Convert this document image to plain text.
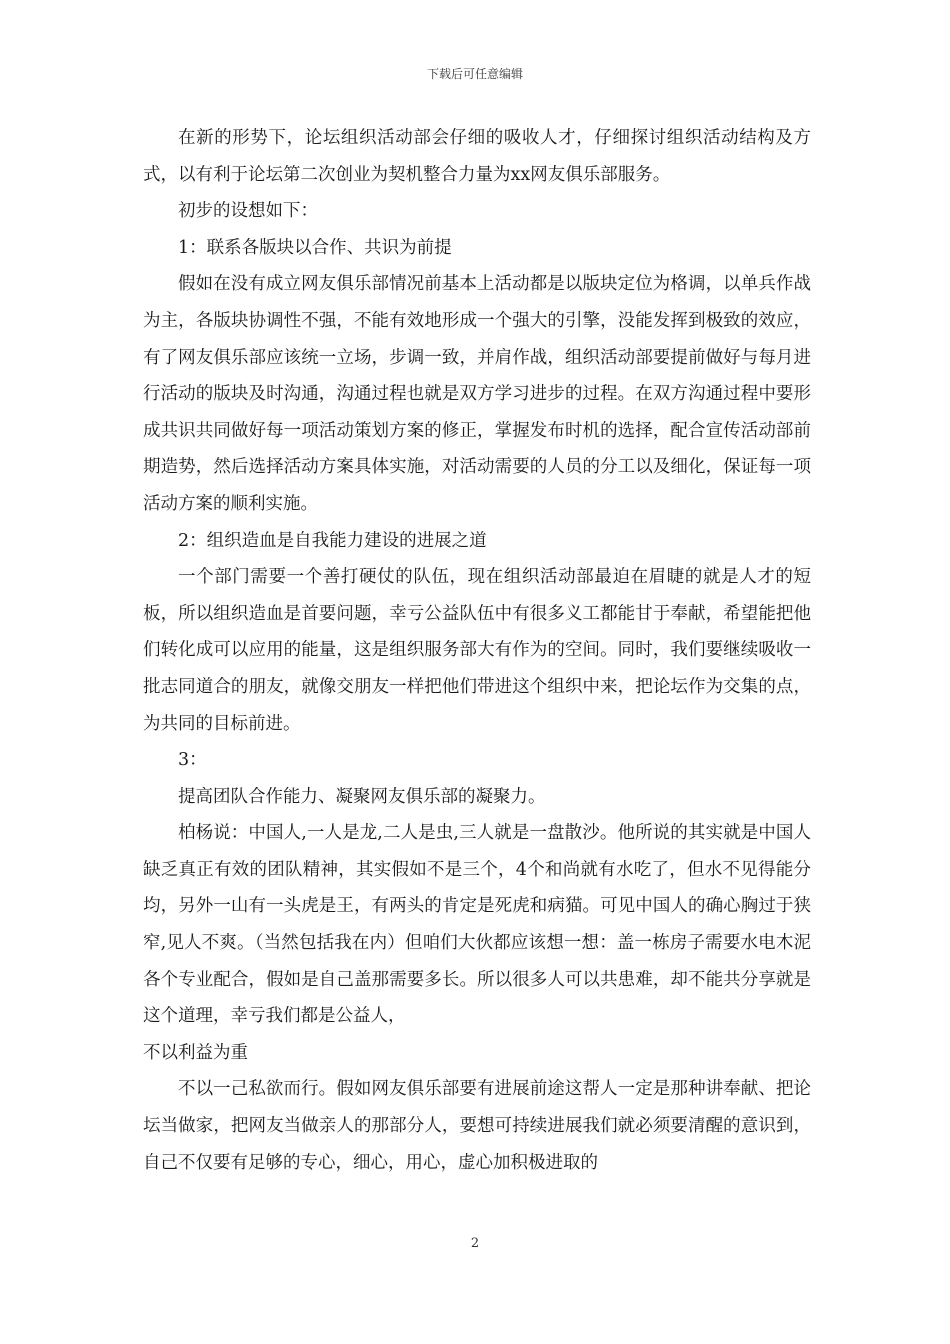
下载后可任意编辑

在新的形势下，论坛组织活动部会仔细的吸收人才，仔细探讨组织活动结构及方式，以有利于论坛第二次创业为契机整合力量为xx网友俱乐部服务。

初步的设想如下：

1：联系各版块以合作、共识为前提

假如在没有成立网友俱乐部情况前基本上活动都是以版块定位为格调，以单兵作战为主，各版块协调性不强，不能有效地形成一个强大的引擎，没能发挥到极致的效应，有了网友俱乐部应该统一立场，步调一致，并肩作战，组织活动部要提前做好与每月进行活动的版块及时沟通，沟通过程也就是双方学习进步的过程。在双方沟通过程中要形成共识共同做好每一项活动策划方案的修正，掌握发布时机的选择，配合宣传活动部前期造势，然后选择活动方案具体实施，对活动需要的人员的分工以及细化，保证每一项活动方案的顺利实施。

2：组织造血是自我能力建设的进展之道

一个部门需要一个善打硬仗的队伍，现在组织活动部最迫在眉睫的就是人才的短板，所以组织造血是首要问题，幸亏公益队伍中有很多义工都能甘于奉献，希望能把他们转化成可以应用的能量，这是组织服务部大有作为的空间。同时，我们要继续吸收一批志同道合的朋友，就像交朋友一样把他们带进这个组织中来，把论坛作为交集的点，为共同的目标前进。

3：

提高团队合作能力、凝聚网友俱乐部的凝聚力。

柏杨说：中国人,一人是龙,二人是虫,三人就是一盘散沙。他所说的其实就是中国人缺乏真正有效的团队精神，其实假如不是三个，4个和尚就有水吃了，但水不见得能分均，另外一山有一头虎是王，有两头的肯定是死虎和病猫。可见中国人的确心胸过于狭窄,见人不爽。（当然包括我在内）但咱们大伙都应该想一想：盖一栋房子需要水电木泥各个专业配合，假如是自己盖那需要多长。所以很多人可以共患难，却不能共分享就是这个道理，幸亏我们都是公益人，

不以利益为重

不以一己私欲而行。假如网友俱乐部要有进展前途这帮人一定是那种讲奉献、把论坛当做家，把网友当做亲人的那部分人，要想可持续进展我们就必须要清醒的意识到，自己不仅要有足够的专心，细心，用心，虚心加积极进取的

2
